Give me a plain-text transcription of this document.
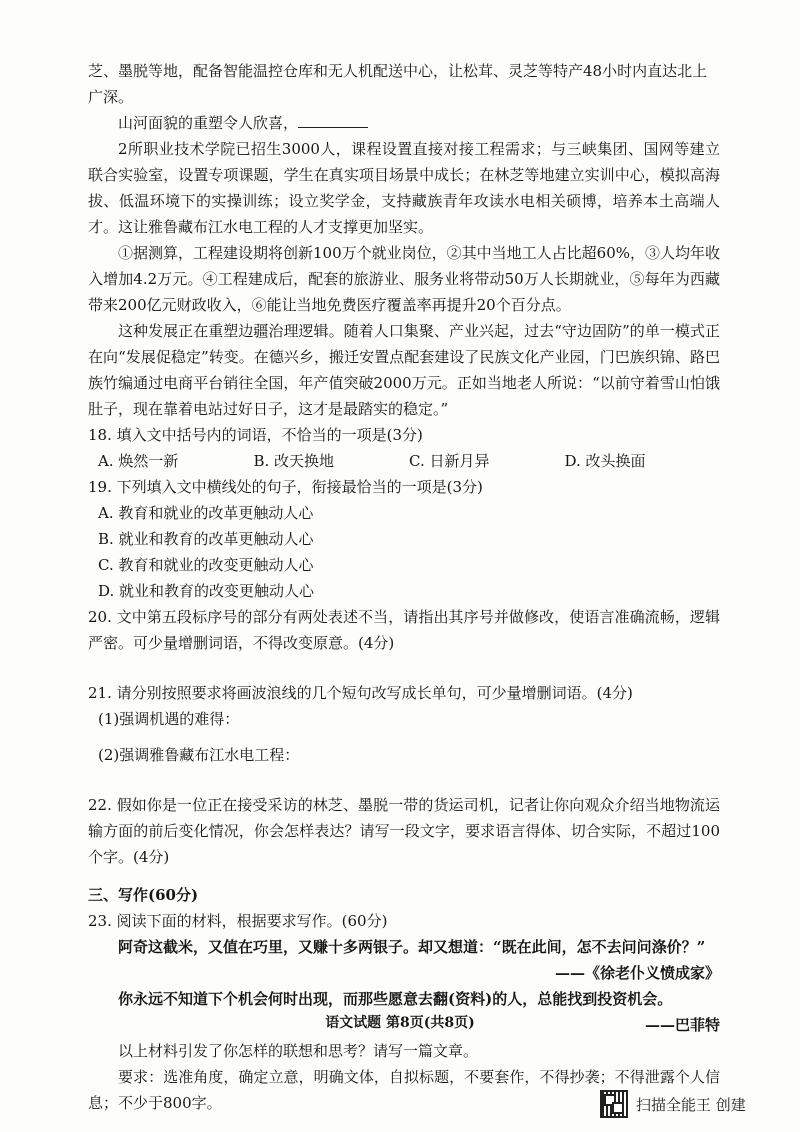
芝、墨脱等地，配备智能温控仓库和无人机配送中心，让松茸、灵芝等特产48小时内直达北上广深。

山河面貌的重塑令人欣喜，

2所职业技术学院已招生3000人，课程设置直接对接工程需求；与三峡集团、国网等建立联合实验室，设置专项课题，学生在真实项目场景中成长；在林芝等地建立实训中心，模拟高海拔、低温环境下的实操训练；设立奖学金，支持藏族青年攻读水电相关硕博，培养本土高端人才。这让雅鲁藏布江水电工程的人才支撑更加坚实。

①据测算，工程建设期将创新100万个就业岗位，②其中当地工人占比超60%，③人均年收入增加4.2万元。④工程建成后，配套的旅游业、服务业将带动50万人长期就业，⑤每年为西藏带来200亿元财政收入，⑥能让当地免费医疗覆盖率再提升20个百分点。

这种发展正在重塑边疆治理逻辑。随着人口集聚、产业兴起，过去“守边固防”的单一模式正在向“发展促稳定”转变。在德兴乡，搬迁安置点配套建设了民族文化产业园，门巴族织锦、路巴族竹编通过电商平台销往全国，年产值突破2000万元。正如当地老人所说：“以前守着雪山怕饿肚子，现在靠着电站过好日子，这才是最踏实的稳定。”

18. 填入文中括号内的词语，不恰当的一项是(3分)

A. 焕然一新	B. 改天换地	C. 日新月异	D. 改头换面

19. 下列填入文中横线处的句子，衔接最恰当的一项是(3分)

A. 教育和就业的改革更触动人心

B. 就业和教育的改革更触动人心

C. 教育和就业的改变更触动人心

D. 就业和教育的改变更触动人心

20. 文中第五段标序号的部分有两处表述不当，请指出其序号并做修改，使语言准确流畅，逻辑严密。可少量增删词语，不得改变原意。(4分)

21. 请分别按照要求将画波浪线的几个短句改写成长单句，可少量增删词语。(4分)

(1)强调机遇的难得：

(2)强调雅鲁藏布江水电工程：

22. 假如你是一位正在接受采访的林芝、墨脱一带的货运司机，记者让你向观众介绍当地物流运输方面的前后变化情况，你会怎样表达？请写一段文字，要求语言得体、切合实际，不超过100个字。(4分)

三、写作(60分)

23. 阅读下面的材料，根据要求写作。(60分)

阿奇这截米，又值在巧里，又赚十多两银子。却又想道：“既在此间，怎不去问问涤价？”

——《徐老仆义愤成家》

你永远不知道下个机会何时出现，而那些愿意去翻(资料)的人，总能找到投资机会。

——巴菲特

以上材料引发了你怎样的联想和思考？请写一篇文章。

要求：选准角度，确定立意，明确文体，自拟标题，不要套作，不得抄袭；不得泄露个人信息；不少于800字。

语文试题 第8页(共8页)
扫描全能王 创建
